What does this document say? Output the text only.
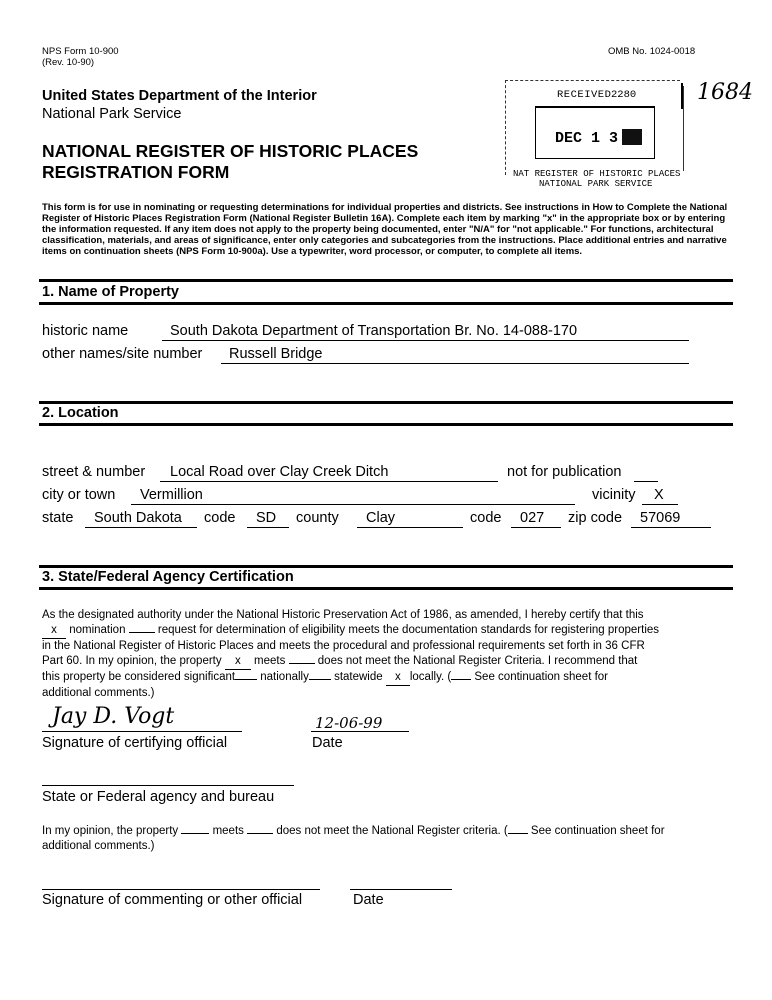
NPS Form 10-900
(Rev. 10-90)
OMB No. 1024-0018
United States Department of the Interior
National Park Service
NATIONAL REGISTER OF HISTORIC PLACES
REGISTRATION FORM
RECEIVED 2280
DEC 1 3
NAT REGISTER OF HISTORIC PLACES
NATIONAL PARK SERVICE
1684
This form is for use in nominating or requesting determinations for individual properties and districts. See instructions in How to Complete the National
Register of Historic Places Registration Form (National Register Bulletin 16A). Complete each item by marking "x" in the appropriate box or by entering
the information requested. If any item does not apply to the property being documented, enter "N/A" for "not applicable." For functions, architectural
classification, materials, and areas of significance, enter only categories and subcategories from the instructions. Place additional entries and narrative
items on continuation sheets (NPS Form 10-900a). Use a typewriter, word processor, or computer, to complete all items.
1. Name of Property
historic name	South Dakota Department of Transportation Br. No. 14-088-170
other names/site number Russell Bridge
2. Location
street & number Local Road over Clay Creek Ditch	not for publication
city or town Vermillion	vicinity X
state South Dakota code SD county Clay	code 027 zip code 57069
3. State/Federal Agency Certification
As the designated authority under the National Historic Preservation Act of 1986, as amended, I hereby certify that this
x nomination	request for determination of eligibility meets the documentation standards for registering properties
in the National Register of Historic Places and meets the procedural and professional requirements set forth in 36 CFR
Part 60. In my opinion, the property x meets	does not meet the National Register Criteria. I recommend that
this property be considered significant nationally statewide x locally. ( See continuation sheet for
additional comments.)
Jay D. Vogt
Signature of certifying official
12-06-99
Date
State or Federal agency and bureau
In my opinion, the property	meets	does not meet the National Register criteria. ( See continuation sheet for
additional comments.)
Signature of commenting or other official	Date
